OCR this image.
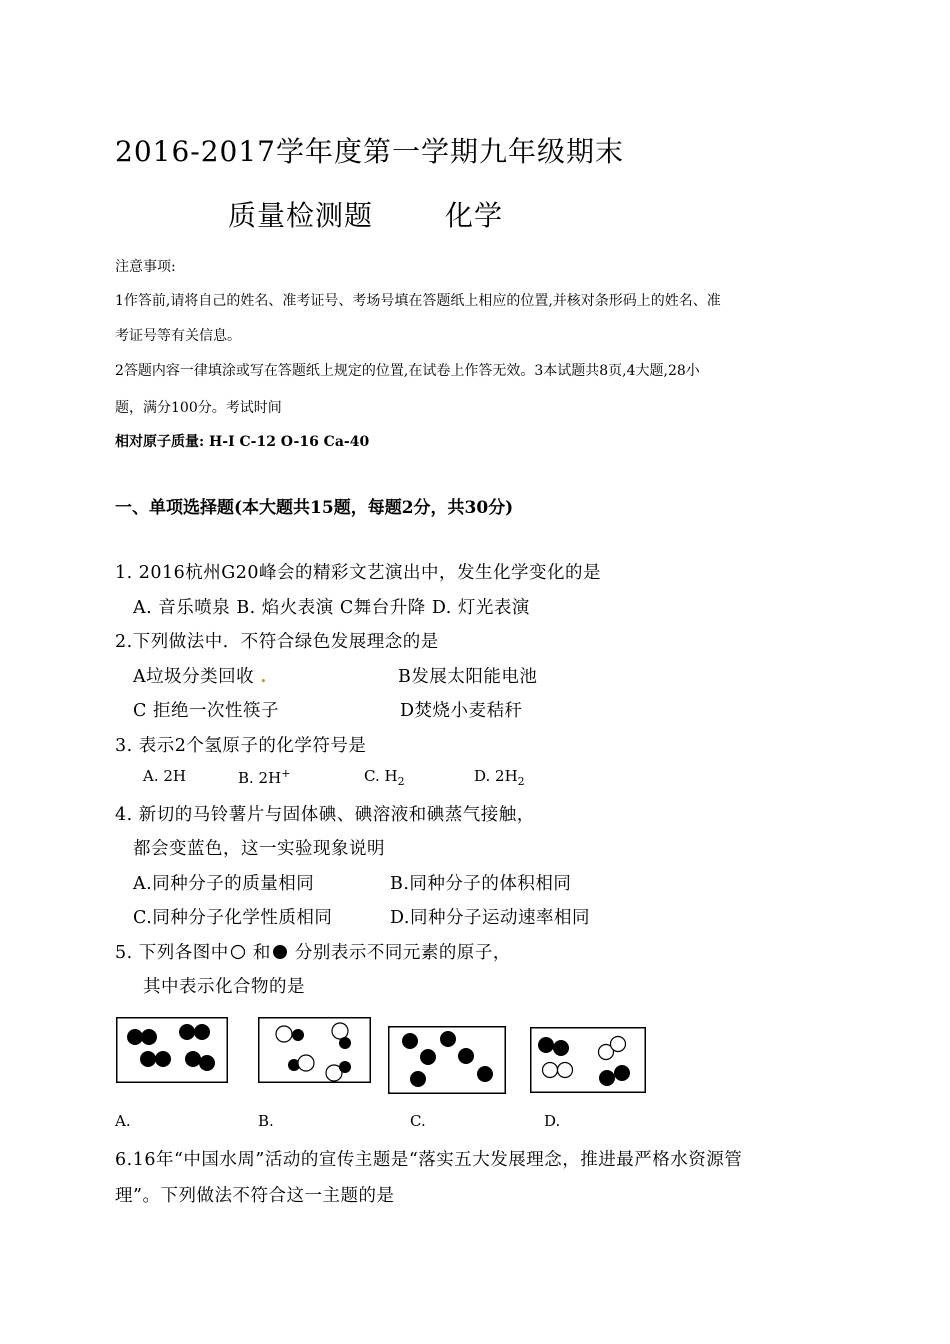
2016-2017学年度第一学期九年级期末
质量检测题	化学
注意事项:
1作答前,请将自己的姓名、准考证号、考场号填在答题纸上相应的位置,并核对条形码上的姓名、准
考证号等有关信息。
2答题内容一律填涂或写在答题纸上规定的位置,在试卷上作答无效。3本试题共8页,4大题,28小
题，满分100分。考试时间
相对原子质量: H-I C-12 O-16 Ca-40
一、单项选择题(本大题共15题，每题2分，共30分)
1. 2016杭州G20峰会的精彩文艺演出中，发生化学变化的是
A. 音乐喷泉 B. 焰火表演 C舞台升降 D. 灯光表演
2.下列做法中．不符合绿色发展理念的是
A垃圾分类回收 .	B发展太阳能电池
C 拒绝一次性筷子	D焚烧小麦秸秆
3. 表示2个氢原子的化学符号是
A. 2H	B. 2H+	C. $H_2$	D. $2H_2$
4. 新切的马铃薯片与固体碘、碘溶液和碘蒸气接触，
都会变蓝色，这一实验现象说明
A.同种分子的质量相同	B.同种分子的体积相同
C.同种分子化学性质相同	D.同种分子运动速率相同
5. 下列各图中 和 分别表示不同元素的原子，
其中表示化合物的是
A.	B.	C.	D.
6.16年“中国水周”活动的宣传主题是“落实五大发展理念，推进最严格水资源管
理”。下列做法不符合这一主题的是
